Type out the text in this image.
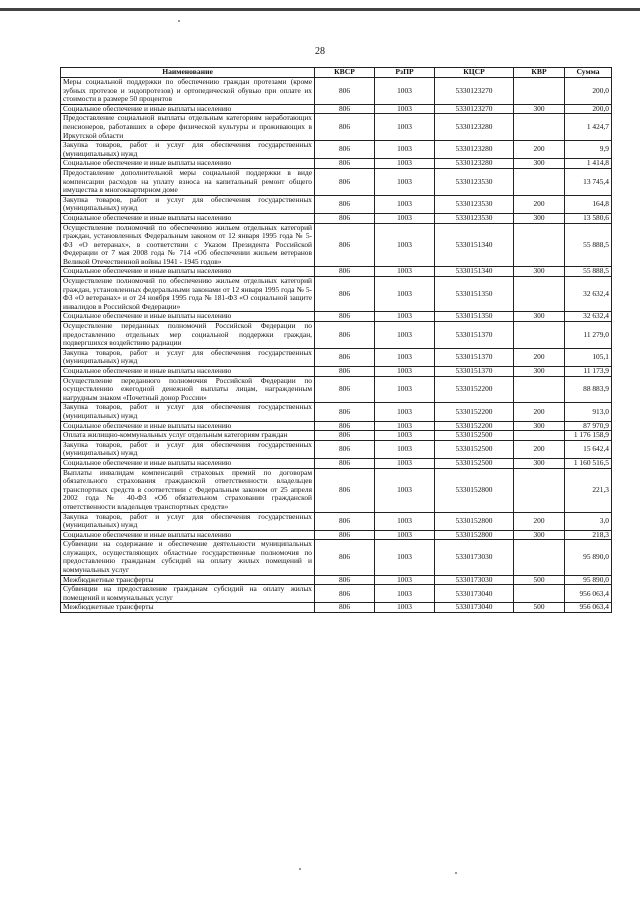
28
Наименование	КВСР	РзПР	КЦСР	КВР	Сумма
Меры социальной поддержки по обеспечению граждан протезами (кроме зубных протезов и эндопротезов) и ортопедической обувью при оплате их стоимости в размере 50 процентов	806	1003	5330123270		200,0
Социальное обеспечение и иные выплаты населению	806	1003	5330123270	300	200,0
Предоставление социальной выплаты отдельным категориям неработающих пенсионеров, работавших в сфере физической культуры и проживающих в Иркутской области	806	1003	5330123280		1 424,7
Закупка товаров, работ и услуг для обеспечения государственных (муниципальных) нужд	806	1003	5330123280	200	9,9
Социальное обеспечение и иные выплаты населению	806	1003	5330123280	300	1 414,8
Предоставление дополнительной меры социальной поддержки в виде компенсации расходов на уплату взноса на капитальный ремонт общего имущества в многоквартирном доме	806	1003	5330123530		13 745,4
Закупка товаров, работ и услуг для обеспечения государственных (муниципальных) нужд	806	1003	5330123530	200	164,8
Социальное обеспечение и иные выплаты населению	806	1003	5330123530	300	13 580,6
Осуществление полномочий по обеспечению жильем отдельных категорий граждан, установленных Федеральным законом от 12 января 1995 года № 5-ФЗ «О ветеранах», в соответствии с Указом Президента Российской Федерации от 7 мая 2008 года № 714 «Об обеспечении жильем ветеранов Великой Отечественной войны 1941 - 1945 годов»	806	1003	5330151340		55 888,5
Социальное обеспечение и иные выплаты населению	806	1003	5330151340	300	55 888,5
Осуществление полномочий по обеспечению жильем отдельных категорий граждан, установленных федеральными законами от 12 января 1995 года № 5-ФЗ «О ветеранах» и от 24 ноября 1995 года № 181-ФЗ «О социальной защите инвалидов в Российской Федерации»	806	1003	5330151350		32 632,4
Социальное обеспечение и иные выплаты населению	806	1003	5330151350	300	32 632,4
Осуществление переданных полномочий Российской Федерации по предоставлению отдельных мер социальной поддержки граждан, подвергшихся воздействию радиации	806	1003	5330151370		11 279,0
Закупка товаров, работ и услуг для обеспечения государственных (муниципальных) нужд	806	1003	5330151370	200	105,1
Социальное обеспечение и иные выплаты населению	806	1003	5330151370	300	11 173,9
Осуществление переданного полномочия Российской Федерации по осуществлению ежегодной денежной выплаты лицам, награжденным нагрудным знаком «Почетный донор России»	806	1003	5330152200		88 883,9
Закупка товаров, работ и услуг для обеспечения государственных (муниципальных) нужд	806	1003	5330152200	200	913,0
Социальное обеспечение и иные выплаты населению	806	1003	5330152200	300	87 970,9
Оплата жилищно-коммунальных услуг отдельным категориям граждан	806	1003	5330152500		1 176 158,9
Закупка товаров, работ и услуг для обеспечения государственных (муниципальных) нужд	806	1003	5330152500	200	15 642,4
Социальное обеспечение и иные выплаты населению	806	1003	5330152500	300	1 160 516,5
Выплаты инвалидам компенсаций страховых премий по договорам обязательного страхования гражданской ответственности владельцев транспортных средств в соответствии с Федеральным законом от 25 апреля 2002 года № 40-ФЗ «Об обязательном страховании гражданской ответственности владельцев транспортных средств»	806	1003	5330152800		221,3
Закупка товаров, работ и услуг для обеспечения государственных (муниципальных) нужд	806	1003	5330152800	200	3,0
Социальное обеспечение и иные выплаты населению	806	1003	5330152800	300	218,3
Субвенции на содержание и обеспечение деятельности муниципальных служащих, осуществляющих областные государственные полномочия по предоставлению гражданам субсидий на оплату жилых помещений и коммунальных услуг	806	1003	5330173030		95 890,0
Межбюджетные трансферты	806	1003	5330173030	500	95 890,0
Субвенции на предоставление гражданам субсидий на оплату жилых помещений и коммунальных услуг	806	1003	5330173040		956 063,4
Межбюджетные трансферты	806	1003	5330173040	500	956 063,4
